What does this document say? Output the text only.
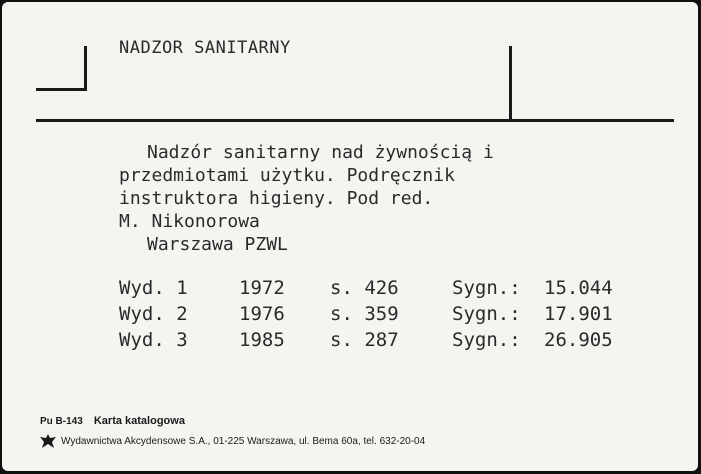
NADZOR SANITARNY
Nadzór sanitarny nad żywnością i
przedmiotami użytku. Podręcznik
instruktora higieny. Pod red.
M. Nikonorowa
Warszawa PZWL
Wyd. 1	1972 s. 426	Sygn.: 15.044
Wyd. 2	1976 s. 359	Sygn.: 17.901
Wyd. 3	1985 s. 287	Sygn.: 26.905
Pu B-143 Karta katalogowa
Wydawnictwa Akcydensowe S.A., 01-225 Warszawa, ul. Bema 60a, tel. 632-20-04
